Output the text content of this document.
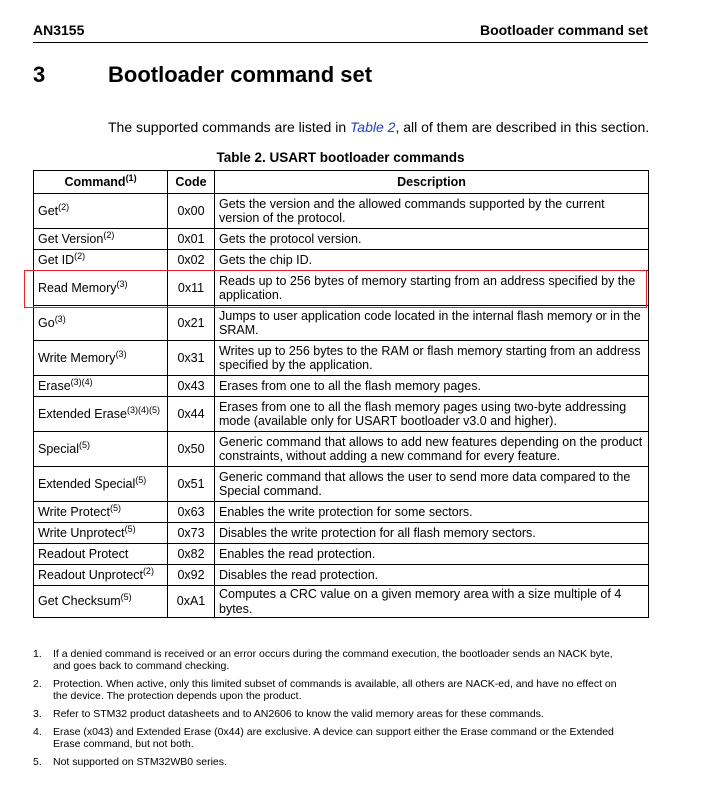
AN3155	Bootloader command set
3	Bootloader command set
The supported commands are listed in Table 2, all of them are described in this section.
Table 2. USART bootloader commands
Command$^{(1)}$	Code	Description
Get$^{(2)}$	0x00	Gets the version and the allowed commands supported by the current version of the protocol.
Get Version$^{(2)}$	0x01	Gets the protocol version.
Get ID$^{(2)}$	0x02	Gets the chip ID.
Read Memory$^{(3)}$	0x11	Reads up to 256 bytes of memory starting from an address specified by the application.
Go$^{(3)}$	0x21	Jumps to user application code located in the internal flash memory or in the SRAM.
Write Memory$^{(3)}$	0x31	Writes up to 256 bytes to the RAM or flash memory starting from an address specified by the application.
Erase$^{(3)(4)}$	0x43	Erases from one to all the flash memory pages.
Extended Erase$^{(3)(4)(5)}$	0x44	Erases from one to all the flash memory pages using two-byte addressing mode (available only for USART bootloader v3.0 and higher).
Special$^{(5)}$	0x50	Generic command that allows to add new features depending on the product constraints, without adding a new command for every feature.
Extended Special$^{(5)}$	0x51	Generic command that allows the user to send more data compared to the Special command.
Write Protect$^{(5)}$	0x63	Enables the write protection for some sectors.
Write Unprotect$^{(5)}$	0x73	Disables the write protection for all flash memory sectors.
Readout Protect	0x82	Enables the read protection.
Readout Unprotect$^{(2)}$	0x92	Disables the read protection.
Get Checksum$^{(5)}$	0xA1	Computes a CRC value on a given memory area with a size multiple of 4 bytes.
1. If a denied command is received or an error occurs during the command execution, the bootloader sends an NACK byte, and goes back to command checking.
2. Protection. When active, only this limited subset of commands is available, all others are NACK-ed, and have no effect on the device. The protection depends upon the product.
3. Refer to STM32 product datasheets and to AN2606 to know the valid memory areas for these commands.
4. Erase (x043) and Extended Erase (0x44) are exclusive. A device can support either the Erase command or the Extended Erase command, but not both.
5. Not supported on STM32WB0 series.
